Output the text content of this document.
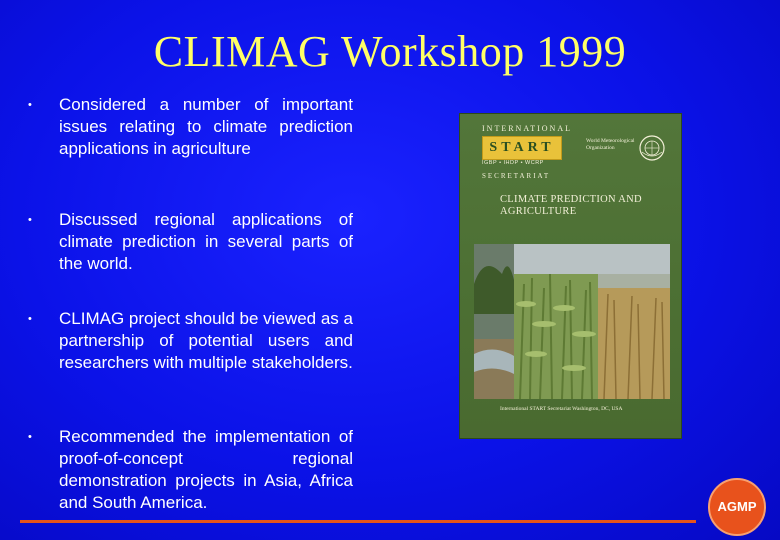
CLIMAG Workshop 1999
• Considered a number of important issues relating to climate prediction applications in agriculture
• Discussed regional applications of climate prediction in several parts of the world.
• CLIMAG project should be viewed as a partnership of potential users and researchers with multiple stakeholders.
• Recommended the implementation of proof-of-concept regional demonstration projects in Asia, Africa and South America.
INTERNATIONAL
START
IGBP • IHDP • WCRP
SECRETARIAT
World Meteorological Organization
CLIMATE PREDICTION AND AGRICULTURE
International START Secretariat Washington, DC, USA
AGMP
